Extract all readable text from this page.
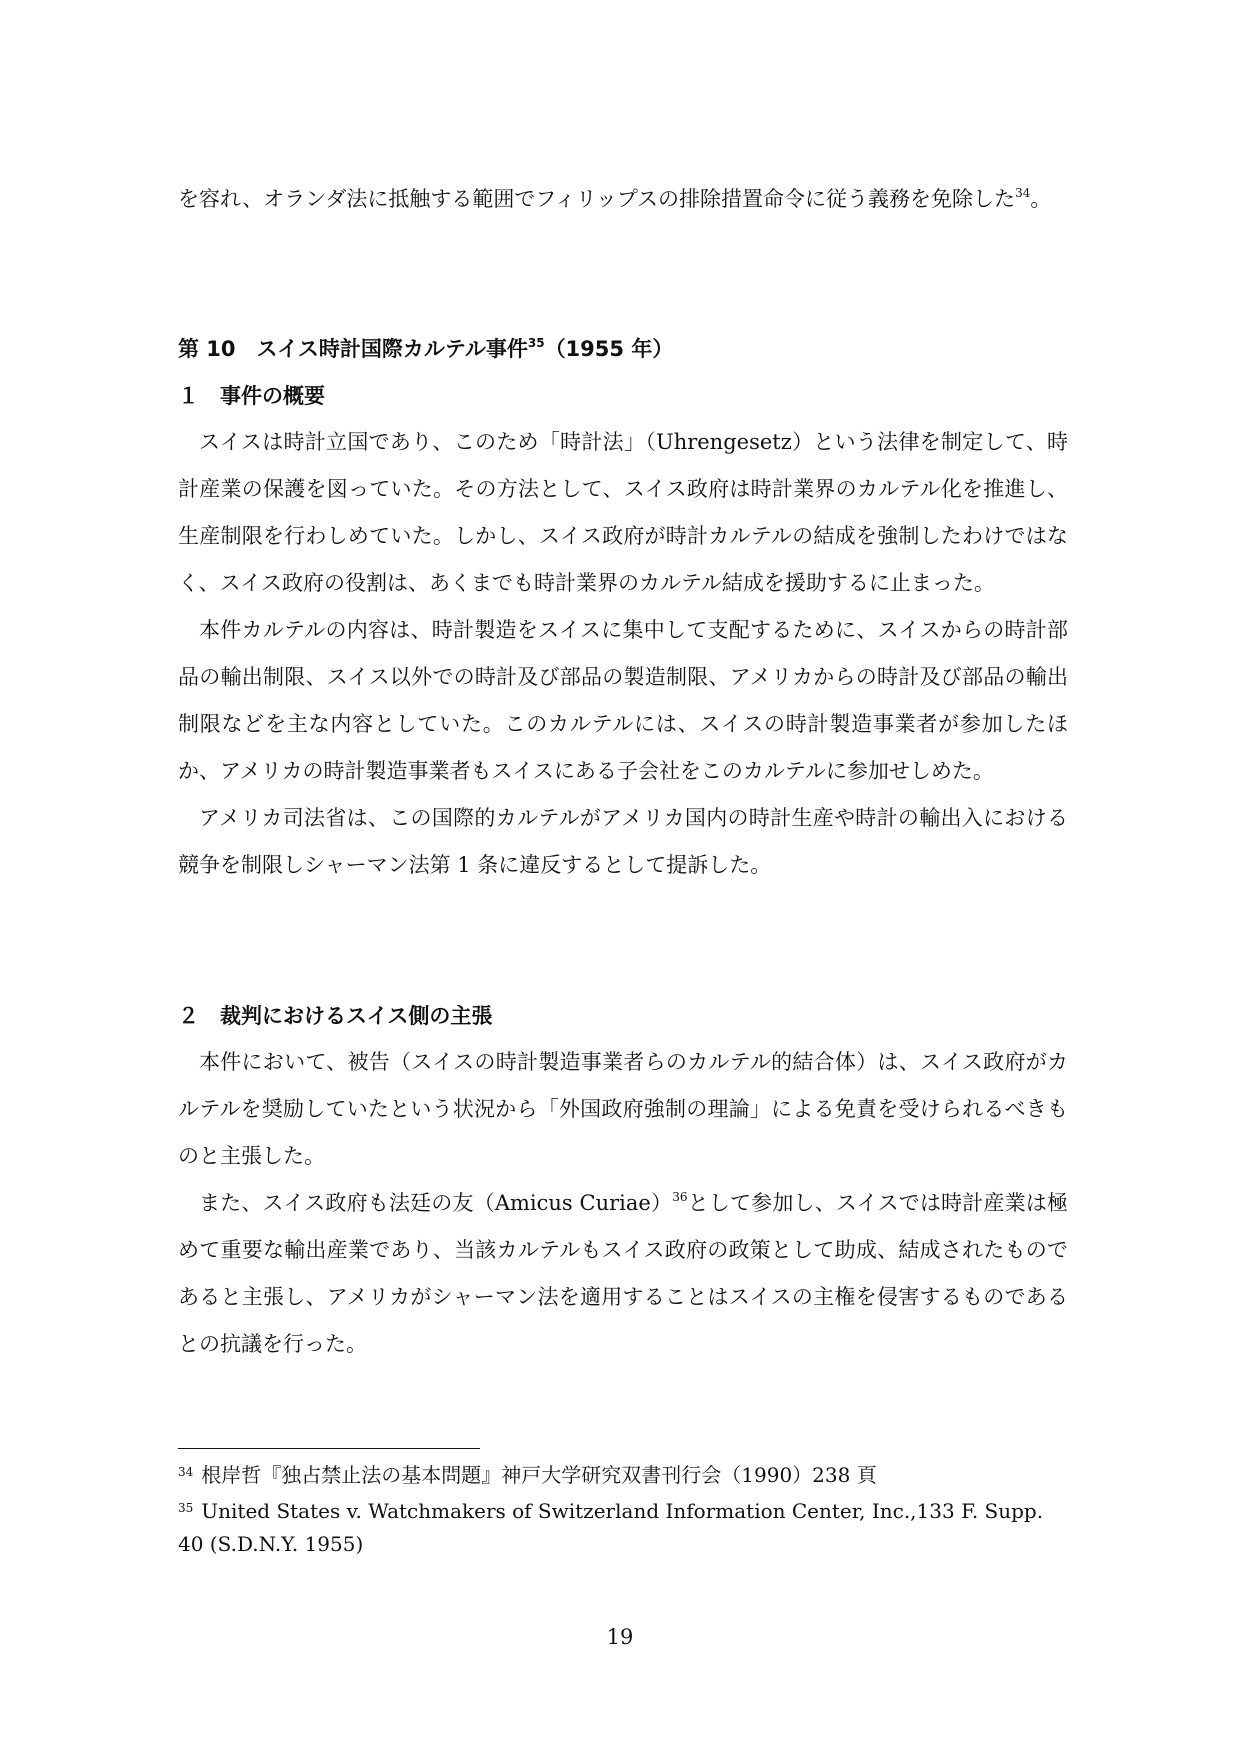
を容れ、オランダ法に抵触する範囲でフィリップスの排除措置命令に従う義務を免除した$^{34}$。

第 10　スイス時計国際カルテル事件$^{35}$（1955 年）
１　事件の概要

スイスは時計立国であり、このため「時計法」（Uhrengesetz）という法律を制定して、時計産業の保護を図っていた。その方法として、スイス政府は時計業界のカルテル化を推進し、生産制限を行わしめていた。しかし、スイス政府が時計カルテルの結成を強制したわけではなく、スイス政府の役割は、あくまでも時計業界のカルテル結成を援助するに止まった。

本件カルテルの内容は、時計製造をスイスに集中して支配するために、スイスからの時計部品の輸出制限、スイス以外での時計及び部品の製造制限、アメリカからの時計及び部品の輸出制限などを主な内容としていた。このカルテルには、スイスの時計製造事業者が参加したほか、アメリカの時計製造事業者もスイスにある子会社をこのカルテルに参加せしめた。

アメリカ司法省は、この国際的カルテルがアメリカ国内の時計生産や時計の輸出入における競争を制限しシャーマン法第 1 条に違反するとして提訴した。

２　裁判におけるスイス側の主張

本件において、被告（スイスの時計製造事業者らのカルテル的結合体）は、スイス政府がカルテルを奨励していたという状況から「外国政府強制の理論」による免責を受けられるべきものと主張した。

また、スイス政府も法廷の友（Amicus Curiae）$^{36}$として参加し、スイスでは時計産業は極めて重要な輸出産業であり、当該カルテルもスイス政府の政策として助成、結成されたものであると主張し、アメリカがシャーマン法を適用することはスイスの主権を侵害するものであるとの抗議を行った。

$^{34}$ 根岸哲『独占禁止法の基本問題』神戸大学研究双書刊行会（1990）238 頁

$^{35}$ United States v. Watchmakers of Switzerland Information Center, Inc.,133 F. Supp. 40 (S.D.N.Y. 1955)

19
